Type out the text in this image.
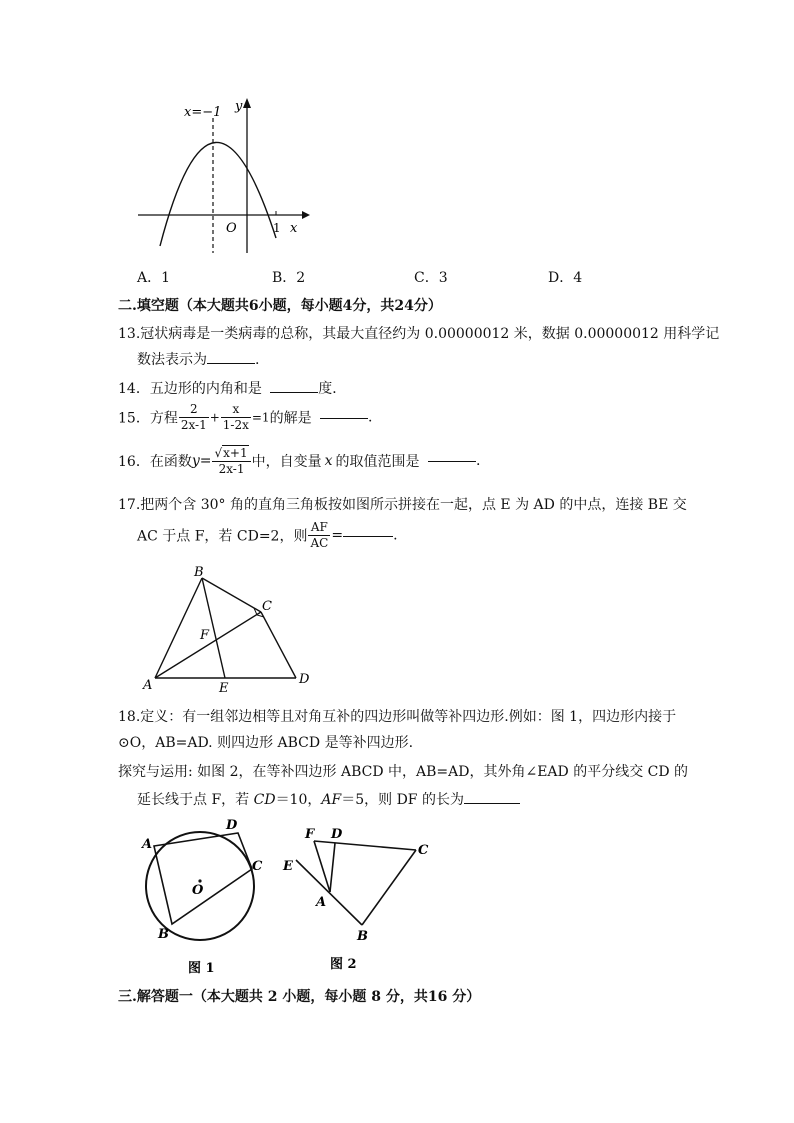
x=−1 y
O	1 x
A．1	B．2	C．3	D．4
二.填空题（本大题共6小题，每小题4分，共24分）
13.冠状病毒是一类病毒的总称，其最大直径约为 0.00000012 米，数据 0.00000012 用科学记
数法表示为	.
14．五边形的内角和是	度．
15．方程 $\frac{2}{2x-1} + \frac{x}{1-2x} =1$的解是	.
16．在函数$y= \frac{√x+1}{2x-1}$ 中，自变量 x 的取值范围是	.
17.把两个含 30° 角的直角三角板按如图所示拼接在一起，点 E 为 AD 的中点，连接 BE 交
AC 于点 F，若 CD=2，则 $\frac{AF}{AC}$ =	.
B
C
F
A	E
D
18.定义：有一组邻边相等且对角互补的四边形叫做等补四边形.例如：图 1，四边形内接于
⊙O，AB=AD. 则四边形 ABCD 是等补四边形.
探究与运用: 如图 2，在等补四边形 ABCD 中，AB=AD，其外角∠EAD 的平分线交 CD 的
延长线于点 F，若 CD＝10，AF＝5，则 DF 的长为
A
D
C
O
B
图 1
F D
C
E
A
B
图 2
三.解答题一（本大题共 2 小题，每小题 8 分，共16 分）
